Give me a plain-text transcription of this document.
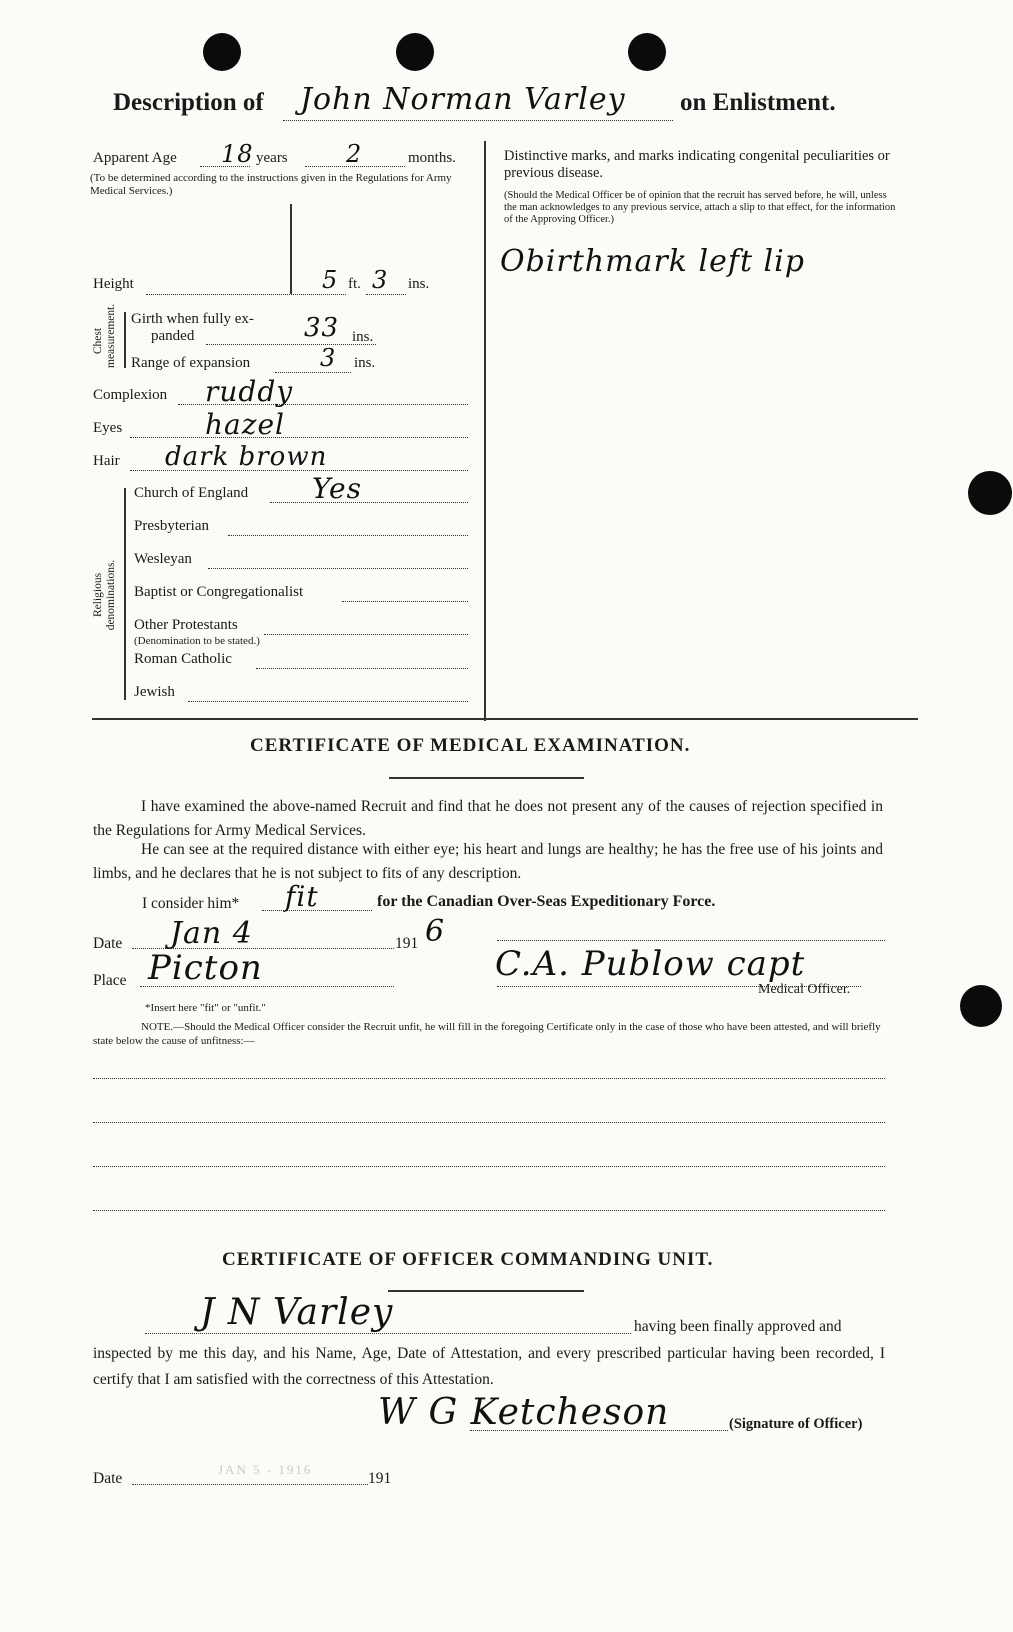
Description of John Norman Varley on Enlistment.
Apparent Age 18 years 2	months.
(To be determined according to the instructions given in the Regulations for Army Medical Services.)
Distinctive marks, and marks indicating congenital peculiarities or previous disease.
(Should the Medical Officer be of opinion that the recruit has served before, he will, unless the man acknowledges to any previous service, attach a slip to that effect, for the information of the Approving Officer.)
Obirthmark left lip
Height	5 ft. 3 ins.
Chest measurement. Girth when fully ex-
panded	33 ins.
Range of expansion	3 ins.
Complexion ruddy
Eyes	hazel
Hair dark brown
Religious denominations.
Church of England Yes
Presbyterian
Wesleyan
Baptist or Congregationalist
Other Protestants
(Denomination to be stated.)
Roman Catholic
Jewish
CERTIFICATE OF MEDICAL EXAMINATION.
I have examined the above-named Recruit and find that he does not present any of the causes of rejection specified in the Regulations for Army Medical Services.
He can see at the required distance with either eye; his heart and lungs are healthy; he has the free use of his joints and limbs, and he declares that he is not subject to fits of any description.
I consider him* fit	for the Canadian Over-Seas Expeditionary Force.
Date Jan 4	191 6
Place Picton	C.A. Publow capt
Medical Officer.
*Insert here "fit" or "unfit."
NOTE.—Should the Medical Officer consider the Recruit unfit, he will fill in the foregoing Certificate only in the case of those who have been attested, and will briefly state below the cause of unfitness:—
CERTIFICATE OF OFFICER COMMANDING UNIT.
J N Varley	having been finally approved and
inspected by me this day, and his Name, Age, Date of Attestation, and every prescribed particular having been recorded, I certify that I am satisfied with the correctness of this Attestation.
W G Ketcheson	(Signature of Officer)
Date
JAN 5 - 1916
191
